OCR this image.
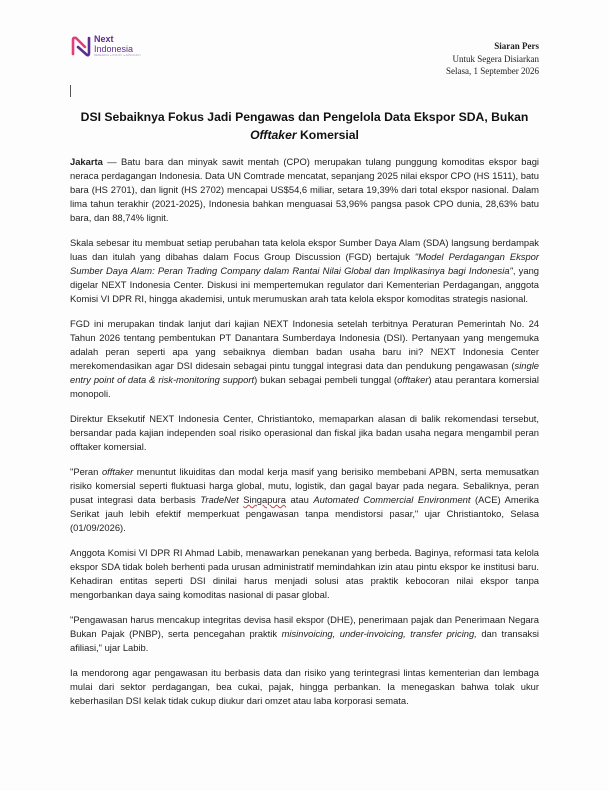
Next
Indonesia
RESEARCH ● POLICY ● ADVOCACY
Siaran Pers
Untuk Segera Disiarkan
Selasa, 1 September 2026
DSI Sebaiknya Fokus Jadi Pengawas dan Pengelola Data Ekspor SDA, Bukan
Offtaker Komersial

Jakarta — Batu bara dan minyak sawit mentah (CPO) merupakan tulang punggung komoditas ekspor bagi neraca perdagangan Indonesia. Data UN Comtrade mencatat, sepanjang 2025 nilai ekspor CPO (HS 1511), batu bara (HS 2701), dan lignit (HS 2702) mencapai US$54,6 miliar, setara 19,39% dari total ekspor nasional. Dalam lima tahun terakhir (2021-2025), Indonesia bahkan menguasai 53,96% pangsa pasok CPO dunia, 28,63% batu bara, dan 88,74% lignit.

Skala sebesar itu membuat setiap perubahan tata kelola ekspor Sumber Daya Alam (SDA) langsung berdampak luas dan itulah yang dibahas dalam Focus Group Discussion (FGD) bertajuk "Model Perdagangan Ekspor Sumber Daya Alam: Peran Trading Company dalam Rantai Nilai Global dan Implikasinya bagi Indonesia", yang digelar NEXT Indonesia Center. Diskusi ini mempertemukan regulator dari Kementerian Perdagangan, anggota Komisi VI DPR RI, hingga akademisi, untuk merumuskan arah tata kelola ekspor komoditas strategis nasional.

FGD ini merupakan tindak lanjut dari kajian NEXT Indonesia setelah terbitnya Peraturan Pemerintah No. 24 Tahun 2026 tentang pembentukan PT Danantara Sumberdaya Indonesia (DSI). Pertanyaan yang mengemuka adalah peran seperti apa yang sebaiknya diemban badan usaha baru ini? NEXT Indonesia Center merekomendasikan agar DSI didesain sebagai pintu tunggal integrasi data dan pendukung pengawasan (single entry point of data & risk-monitoring support) bukan sebagai pembeli tunggal (offtaker) atau perantara komersial monopoli.

Direktur Eksekutif NEXT Indonesia Center, Christiantoko, memaparkan alasan di balik rekomendasi tersebut, bersandar pada kajian independen soal risiko operasional dan fiskal jika badan usaha negara mengambil peran offtaker komersial.

"Peran offtaker menuntut likuiditas dan modal kerja masif yang berisiko membebani APBN, serta memusatkan risiko komersial seperti fluktuasi harga global, mutu, logistik, dan gagal bayar pada negara. Sebaliknya, peran pusat integrasi data berbasis TradeNet Singapura atau Automated Commercial Environment (ACE) Amerika Serikat jauh lebih efektif memperkuat pengawasan tanpa mendistorsi pasar," ujar Christiantoko, Selasa (01/09/2026).

Anggota Komisi VI DPR RI Ahmad Labib, menawarkan penekanan yang berbeda. Baginya, reformasi tata kelola ekspor SDA tidak boleh berhenti pada urusan administratif memindahkan izin atau pintu ekspor ke institusi baru. Kehadiran entitas seperti DSI dinilai harus menjadi solusi atas praktik kebocoran nilai ekspor tanpa mengorbankan daya saing komoditas nasional di pasar global.

"Pengawasan harus mencakup integritas devisa hasil ekspor (DHE), penerimaan pajak dan Penerimaan Negara Bukan Pajak (PNBP), serta pencegahan praktik misinvoicing, under-invoicing, transfer pricing, dan transaksi afiliasi," ujar Labib.

Ia mendorong agar pengawasan itu berbasis data dan risiko yang terintegrasi lintas kementerian dan lembaga mulai dari sektor perdagangan, bea cukai, pajak, hingga perbankan. Ia menegaskan bahwa tolak ukur keberhasilan DSI kelak tidak cukup diukur dari omzet atau laba korporasi semata.
